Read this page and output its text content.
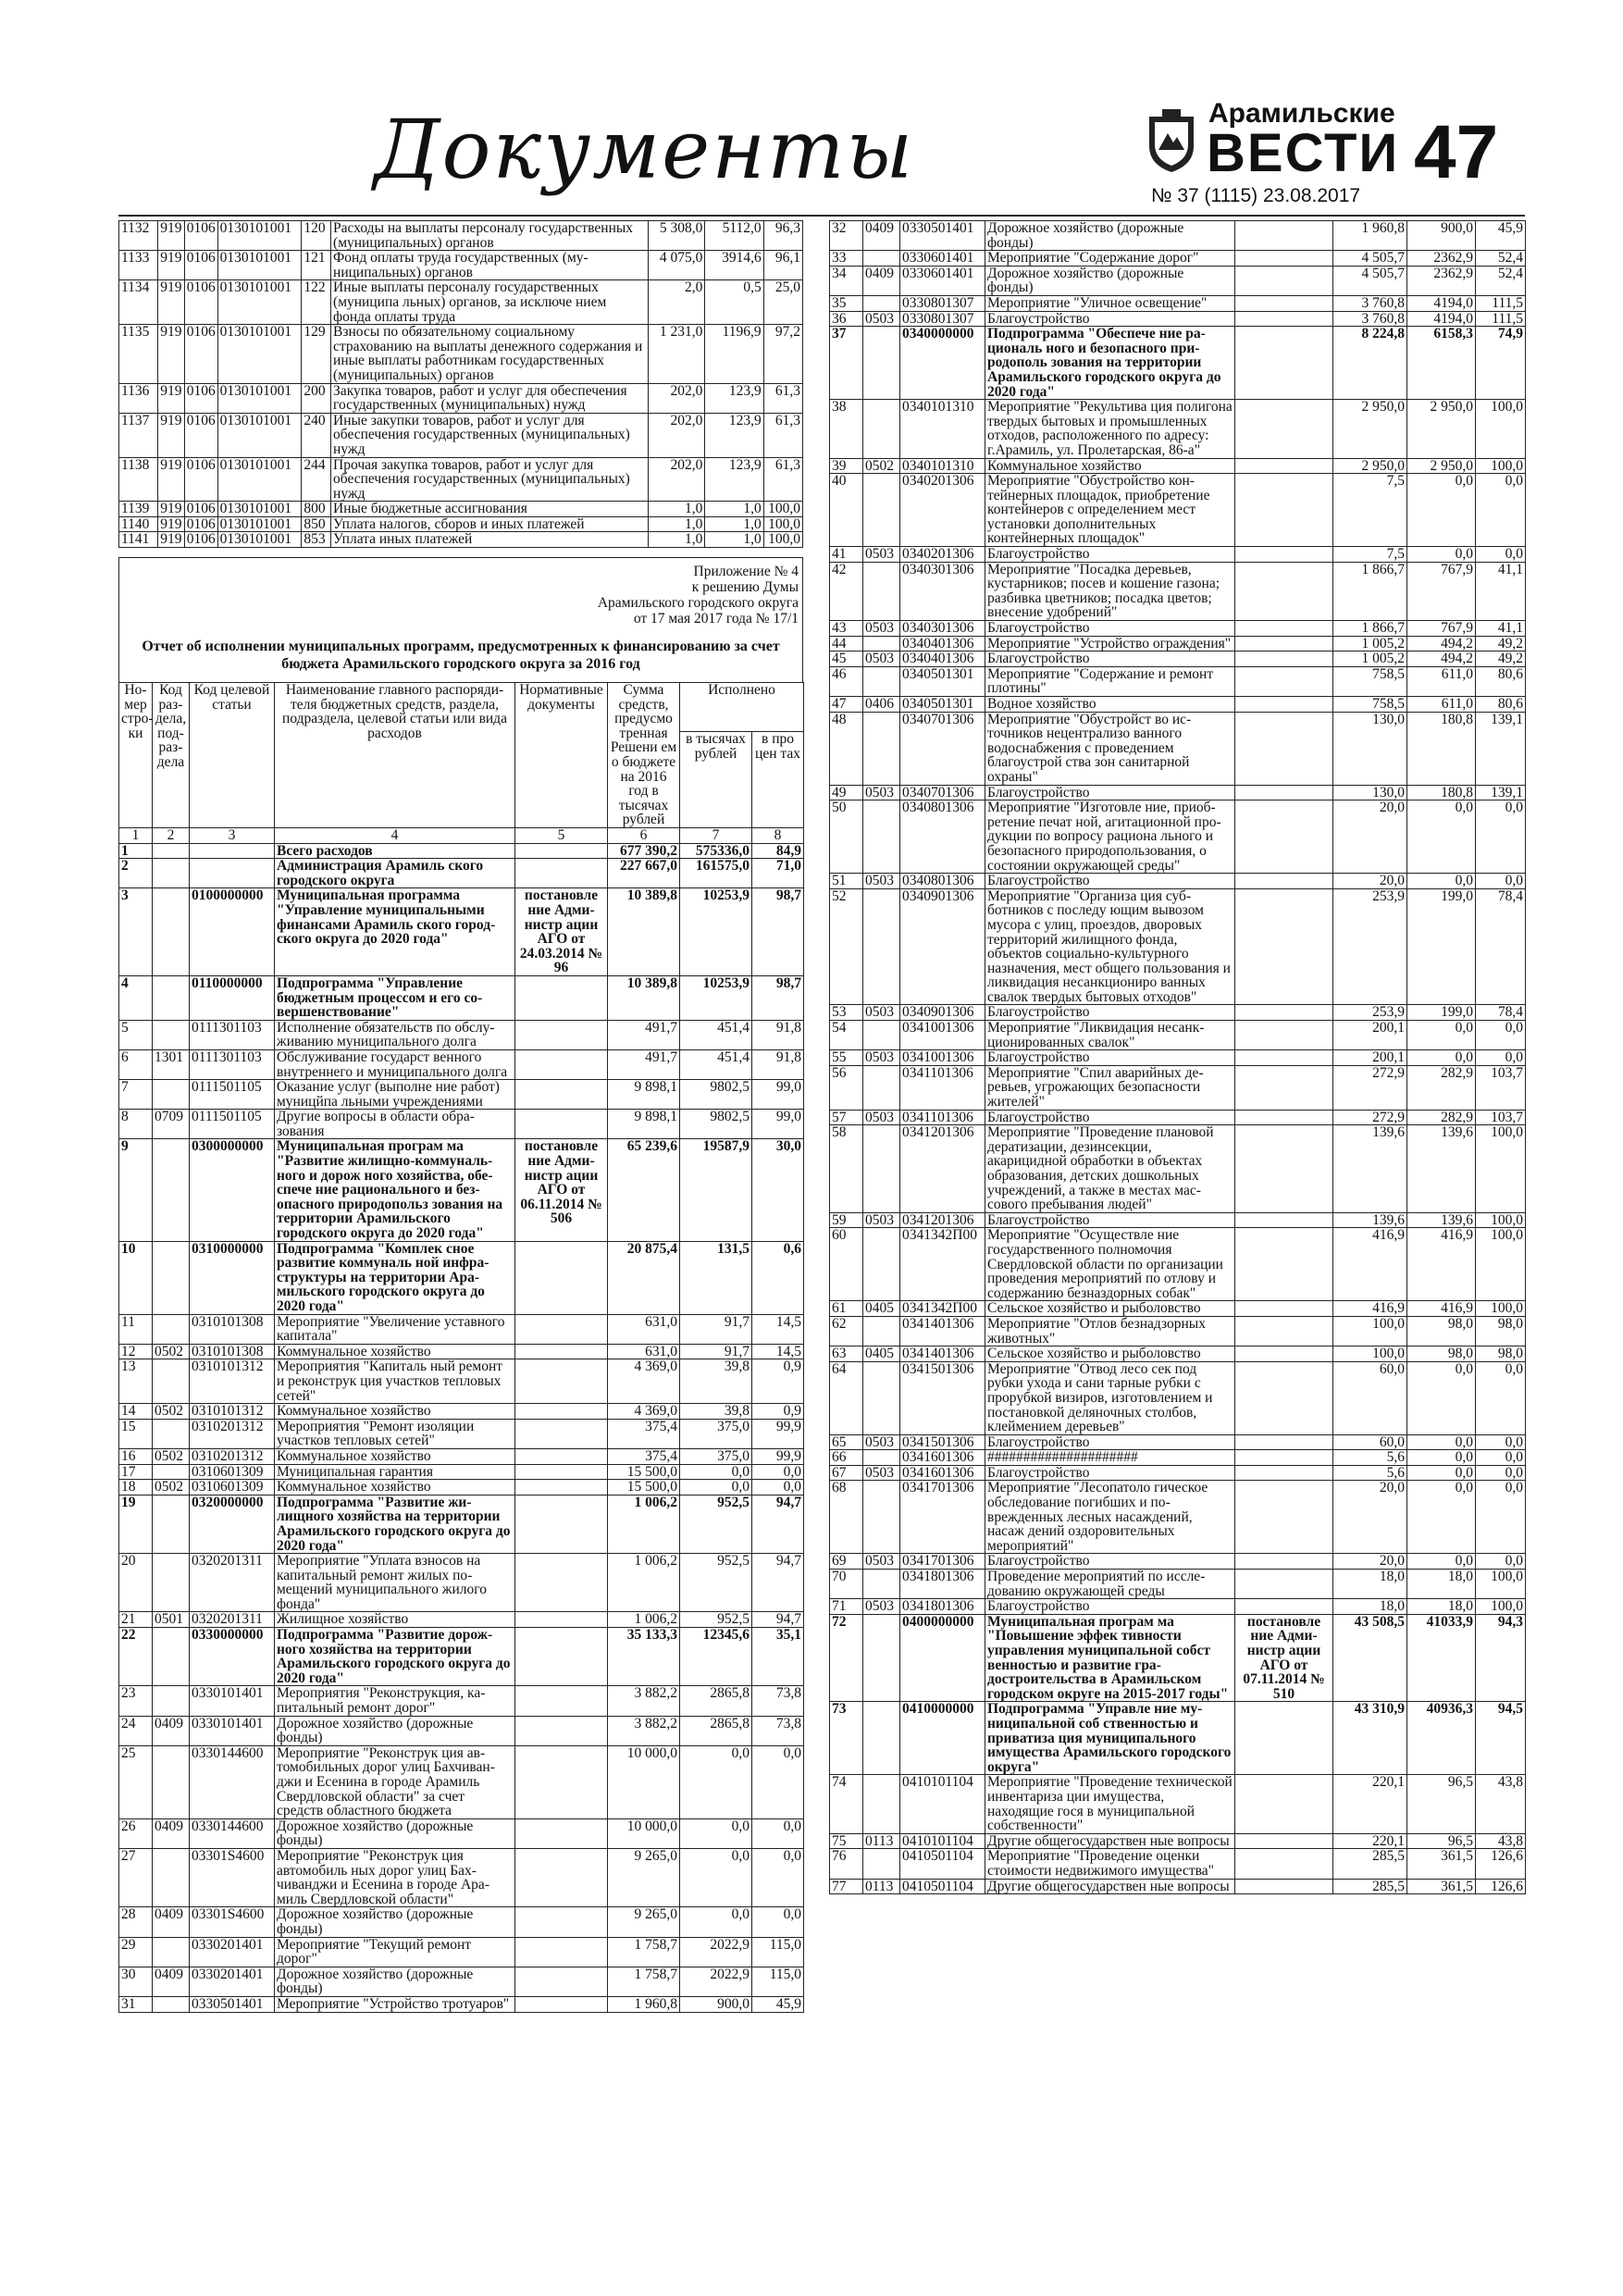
Документы	Арамильские
ВЕСТИ
№ 37 (1115) 23.08.2017
47
1132	919	0106	0130101001	120	Расходы на выплаты персоналу государственных (муниципальных) органов	5 308,0	5112,0	96,3
1133	919	0106	0130101001	121	Фонд оплаты труда государственных (муниципальных) органов	4 075,0	3914,6	96,1
1134	919	0106	0130101001	122	Иные выплаты персоналу государственных (муниципа льных) органов, за исключе нием фонда оплаты труда	2,0	0,5	25,0
1135	919	0106	0130101001	129	Взносы по обязательному социальному страхованию на выплаты денежного содержания и иные выплаты работникам государственных (муниципальных) органов	1 231,0	1196,9	97,2
1136	919	0106	0130101001	200	Закупка товаров, работ и услуг для обеспечения государственных (муниципальных) нужд	202,0	123,9	61,3
1137	919	0106	0130101001	240	Иные закупки товаров, работ и услуг для обеспечения государственных (муниципальных) нужд	202,0	123,9	61,3
1138	919	0106	0130101001	244	Прочая закупка товаров, работ и услуг для обеспечения государственных (муниципальных) нужд	202,0	123,9	61,3
1139	919	0106	0130101001	800	Иные бюджетные ассигнования	1,0	1,0	100,0
1140	919	0106	0130101001	850	Уплата налогов, сборов и иных платежей	1,0	1,0	100,0
1141	919	0106	0130101001	853	Уплата иных платежей	1,0	1,0	100,0
Приложение № 4
к решению Думы
Арамильского городского округа
от 17 мая 2017 года № 17/1
Отчет об исполнении муниципальных программ, предусмотренных к финансированию за счет бюджета Арамильского городского округа за 2016 год
Номер строки	Код раздела, подраздела	Код целевой статьи	Наименование главного распорядителя бюджетных средств, раздела, подраздела, целевой статьи или вида расходов	Нормативные документы	Сумма средств, предусмо тренная Решени ем о бюджете на 2016 год в тысячах рублей	Исполнено	
						в тысячах рублей	в про цен тах
1	2	3	4	5	6	7	8
1			Всего расходов		677 390,2	575336,0	84,9
2			Администрация Арамиль ского городского округа		227 667,0	161575,0	71,0
3		0100000000	Муниципальная программа "Управление муниципальными финансами Арамиль ского городского округа до 2020 года"	постановле ние Администр ации АГО от 24.03.2014 № 96	10 389,8	10253,9	98,7
4		0110000000	Подпрограмма "Управление бюджетным процессом и его совершенствование"		10 389,8	10253,9	98,7
5		0111301103	Исполнение обязательств по обслуживанию муниципального долга		491,7	451,4	91,8
6	1301	0111301103	Обслуживание государст венного внутреннего и муниципального долга		491,7	451,4	91,8
7		0111501105	Оказание услуг (выполне ние работ) муницйпа льными учреждениями		9 898,1	9802,5	99,0
8	0709	0111501105	Другие вопросы в области образования		9 898,1	9802,5	99,0
9		0300000000	Муниципальная програм ма "Развитие жилищно-коммунального и дорож ного хозяйства, обеспече ние рационального и безопасного природопольз зования на территории Арамильского городского округа до 2020 года"	постановле ние Администр ации АГО от 06.11.2014 № 506	65 239,6	19587,9	30,0
10		0310000000	Подпрограмма "Комплек сное развитие коммуналь ной инфраструктуры на территории Арамильского городского округа до 2020 года"		20 875,4	131,5	0,6
11		0310101308	Мероприятие "Увеличение уставного капитала"		631,0	91,7	14,5
12	0502	0310101308	Коммунальное хозяйство		631,0	91,7	14,5
13		0310101312	Мероприятия "Капиталь ный ремонт и реконструк ция участков тепловых сетей"		4 369,0	39,8	0,9
14	0502	0310101312	Коммунальное хозяйство		4 369,0	39,8	0,9
15		0310201312	Мероприятия "Ремонт изоляции участков тепловых сетей"		375,4	375,0	99,9
16	0502	0310201312	Коммунальное хозяйство		375,4	375,0	99,9
17		0310601309	Муниципальная гарантия		15 500,0	0,0	0,0
18	0502	0310601309	Коммунальное хозяйство		15 500,0	0,0	0,0
19		0320000000	Подпрограмма "Развитие жилищного хозяйства на территории Арамильского городского округа до 2020 года"		1 006,2	952,5	94,7
20		0320201311	Мероприятие "Уплата взносов на капитальный ремонт жилых помещений муниципального жилого фонда"		1 006,2	952,5	94,7
21	0501	0320201311	Жилищное хозяйство		1 006,2	952,5	94,7
22		0330000000	Подпрограмма "Развитие дорожного хозяйства на территории Арамильского городского округа до 2020 года"		35 133,3	12345,6	35,1
23		0330101401	Мероприятия "Реконструкция, капитальный ремонт дорог"		3 882,2	2865,8	73,8
24	0409	0330101401	Дорожное хозяйство (дорожные фонды)		3 882,2	2865,8	73,8
25		0330144600	Мероприятие "Реконструк ция автомобильных дорог улиц Бахчиванджи и Есенина в городе Арамиль Свердловской области" за счет средств областного бюджета		10 000,0	0,0	0,0
26	0409	0330144600	Дорожное хозяйство (дорожные фонды)		10 000,0	0,0	0,0
27		03301S4600	Мероприятие "Реконструк ция автомобиль ных дорог улиц Бахчиванджи и Есенина в городе Арамиль Свердловской области"		9 265,0	0,0	0,0
28	0409	03301S4600	Дорожное хозяйство (дорожные фонды)		9 265,0	0,0	0,0
29		0330201401	Мероприятие "Текущий ремонт дорог"		1 758,7	2022,9	115,0
30	0409	0330201401	Дорожное хозяйство (дорожные фонды)		1 758,7	2022,9	115,0
31		0330501401	Мероприятие "Устройство тротуаров"		1 960,8	900,0	45,9
32	0409	0330501401	Дорожное хозяйство (дорожные фонды)		1 960,8	900,0	45,9
33		0330601401	Мероприятие "Содержание дорог"		4 505,7	2362,9	52,4
34	0409	0330601401	Дорожное хозяйство (дорожные фонды)		4 505,7	2362,9	52,4
35		0330801307	Мероприятие "Уличное освещение"		3 760,8	4194,0	111,5
36	0503	0330801307	Благоустройство		3 760,8	4194,0	111,5
37		0340000000	Подпрограмма "Обеспече ние рациональ ного и безопасного природополь зования на территории Арамильского городского округа до 2020 года"		8 224,8	6158,3	74,9
38		0340101310	Мероприятие "Рекультива ция полигона твердых бытовых и промышленных отходов, расположенного по адресу: г.Арамиль, ул. Пролетарская, 86-а"		2 950,0	2 950,0	100,0
39	0502	0340101310	Коммунальное хозяйство		2 950,0	2 950,0	100,0
40		0340201306	Мероприятие "Обустройство контейнерных площадок, приобретение контейнеров с определением мест установки дополнительных контейнерных площадок"		7,5	0,0	0,0
41	0503	0340201306	Благоустройство		7,5	0,0	0,0
42		0340301306	Мероприятие "Посадка деревьев, кустарников; посев и кошение газона; разбивка цветников; посадка цветов; внесение удобрений"		1 866,7	767,9	41,1
43	0503	0340301306	Благоустройство		1 866,7	767,9	41,1
44		0340401306	Мероприятие "Устройство ограждения"		1 005,2	494,2	49,2
45	0503	0340401306	Благоустройство		1 005,2	494,2	49,2
46		0340501301	Мероприятие "Содержание и ремонт плотины"		758,5	611,0	80,6
47	0406	0340501301	Водное хозяйство		758,5	611,0	80,6
48		0340701306	Мероприятие "Обустройст во источников нецентрализо ванного водоснабжения с проведением благоустрой ства зон санитарной охраны"		130,0	180,8	139,1
49	0503	0340701306	Благоустройство		130,0	180,8	139,1
50		0340801306	Мероприятие "Изготовле ние, приобретение печат ной, агитационной продукции по вопросу рациона льного и безопасного природопользования, о состоянии окружающей среды"		20,0	0,0	0,0
51	0503	0340801306	Благоустройство		20,0	0,0	0,0
52		0340901306	Мероприятие "Организа ция субботников с последу ющим вывозом мусора с улиц, проездов, дворовых территорий жилищного фонда, объектов социально-культурного назначения, мест общего пользования и ликвидация несанкциониро ванных свалок твердых бытовых отходов"		253,9	199,0	78,4
53	0503	0340901306	Благоустройство		253,9	199,0	78,4
54		0341001306	Мероприятие "Ликвидация несанкционированных свалок"		200,1	0,0	0,0
55	0503	0341001306	Благоустройство		200,1	0,0	0,0
56		0341101306	Мероприятие "Спил аварийных деревьев, угрожающих безопасности жителей"		272,9	282,9	103,7
57	0503	0341101306	Благоустройство		272,9	282,9	103,7
58		0341201306	Мероприятие "Проведение плановой дератизации, дезинсекции, акарицидной обработки в объектах образования, детских дошкольных учреждений, а также в местах массового пребывания людей"		139,6	139,6	100,0
59	0503	0341201306	Благоустройство		139,6	139,6	100,0
60		0341342П00	Мероприятие "Осуществле ние государственного полномочия Свердловской области по организации проведения мероприятий по отлову и содержанию безназдорных собак"		416,9	416,9	100,0
61	0405	0341342П00	Сельское хозяйство и рыболовство		416,9	416,9	100,0
62		0341401306	Мероприятие "Отлов безнадзорных животных"		100,0	98,0	98,0
63	0405	0341401306	Сельское хозяйство и рыболовство		100,0	98,0	98,0
64		0341501306	Мероприятие "Отвод лесо сек под рубки ухода и сани тарные рубки с прорубкой визиров, изготовлением и постановкой деляночных столбов, клеймением деревьев"		60,0	0,0	0,0
65	0503	0341501306	Благоустройство		60,0	0,0	0,0
66		0341601306	#####################		5,6	0,0	0,0
67	0503	0341601306	Благоустройство		5,6	0,0	0,0
68		0341701306	Мероприятие "Лесопатоло гическое обследование погибших и поврежденных лесных насаждений, насаж дений оздоровительных мероприятий"		20,0	0,0	0,0
69	0503	0341701306	Благоустройство		20,0	0,0	0,0
70		0341801306	Проведение мероприятий по исследованию окружающей среды		18,0	18,0	100,0
71	0503	0341801306	Благоустройство		18,0	18,0	100,0
72		0400000000	Муниципальная програм ма "Повышение эффек тивности управления муниципальной собст венностью и развитие градостроительства в Арамильском городском округе на 2015-2017 годы"	постановле ние Администр ации АГО от 07.11.2014 № 510	43 508,5	41033,9	94,3
73		0410000000	Подпрограмма "Управле ние муниципальной соб ственностью и приватиза ция муниципального имущества Арамильского городского округа"		43 310,9	40936,3	94,5
74		0410101104	Мероприятие "Проведение технической инвентариза ции имущества, находящие гося в муниципальной собственности"		220,1	96,5	43,8
75	0113	0410101104	Другие общегосударствен ные вопросы		220,1	96,5	43,8
76		0410501104	Мероприятие "Проведение оценки стоимости недвижимого имущества"		285,5	361,5	126,6
77	0113	0410501104	Другие общегосударствен ные вопросы		285,5	361,5	126,6
